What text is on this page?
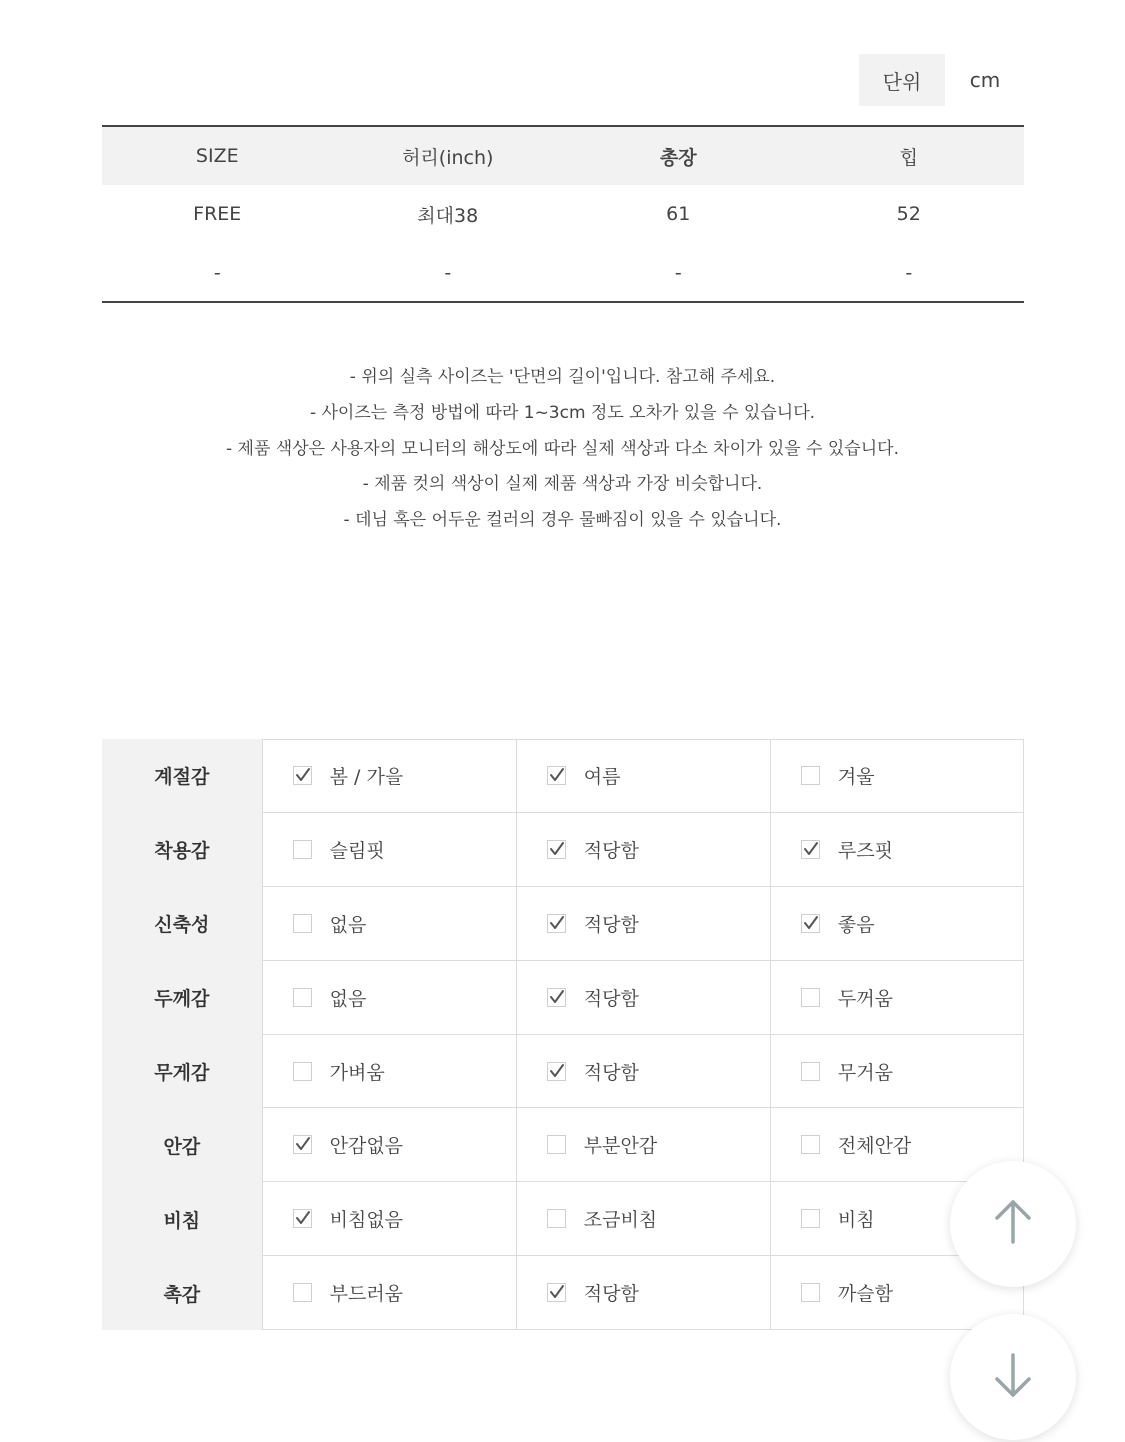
단위	cm
SIZE	허리(inch)	총장	힙
FREE	최대38	61	52
-	-	-	-
- 위의 실측 사이즈는 '단면의 길이'입니다. 참고해 주세요.
- 사이즈는 측정 방법에 따라 1~3cm 정도 오차가 있을 수 있습니다.
- 제품 색상은 사용자의 모니터의 해상도에 따라 실제 색상과 다소 차이가 있을 수 있습니다.
- 제품 컷의 색상이 실제 제품 색상과 가장 비슷합니다.
- 데님 혹은 어두운 컬러의 경우 물빠짐이 있을 수 있습니다.
계절감	봄 / 가을	여름	겨울
착용감	슬림핏	적당함	루즈핏
신축성	없음	적당함	좋음
두께감	없음	적당함	두꺼움
무게감	가벼움	적당함	무거움
안감	안감없음	부분안감	전체안감
비침	비침없음	조금비침	비침
촉감	부드러움	적당함	까슬함
